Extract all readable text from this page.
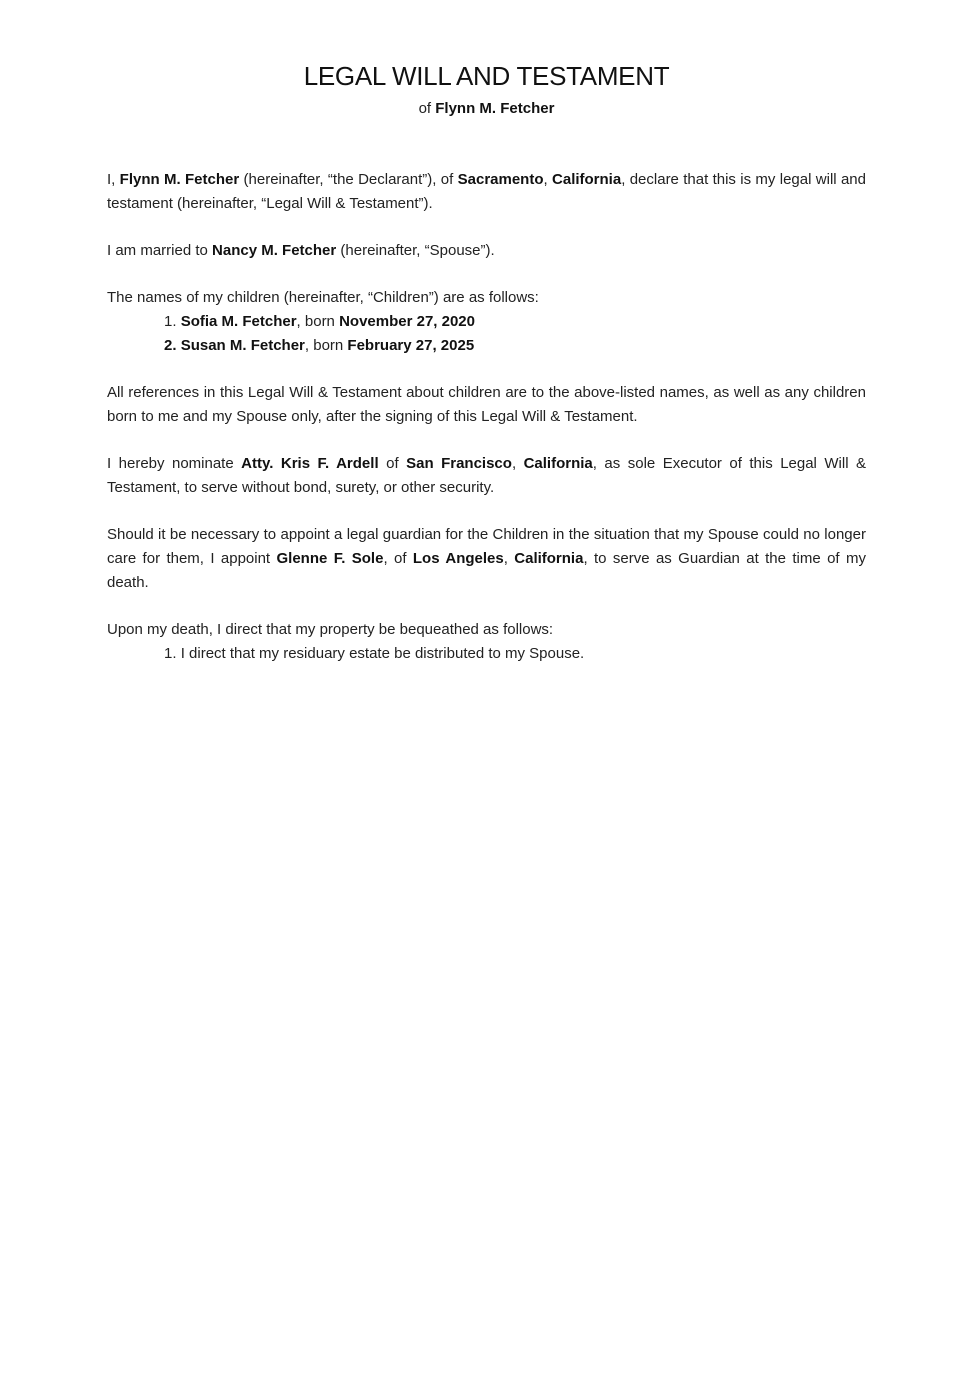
LEGAL WILL AND TESTAMENT
of Flynn M. Fetcher

I, Flynn M. Fetcher (hereinafter, “the Declarant”), of Sacramento, California, declare that this is my legal will and testament (hereinafter, “Legal Will & Testament”).

I am married to Nancy M. Fetcher (hereinafter, “Spouse”).

The names of my children (hereinafter, “Children”) are as follows:

1. Sofia M. Fetcher, born November 27, 2020
2. Susan M. Fetcher, born February 27, 2025

All references in this Legal Will & Testament about children are to the above-listed names, as well as any children born to me and my Spouse only, after the signing of this Legal Will & Testament.

I hereby nominate Atty. Kris F. Ardell of San Francisco, California, as sole Executor of this Legal Will & Testament, to serve without bond, surety, or other security.

Should it be necessary to appoint a legal guardian for the Children in the situation that my Spouse could no longer care for them, I appoint Glenne F. Sole, of Los Angeles, California, to serve as Guardian at the time of my death.

Upon my death, I direct that my property be bequeathed as follows:

1. I direct that my residuary estate be distributed to my Spouse.
